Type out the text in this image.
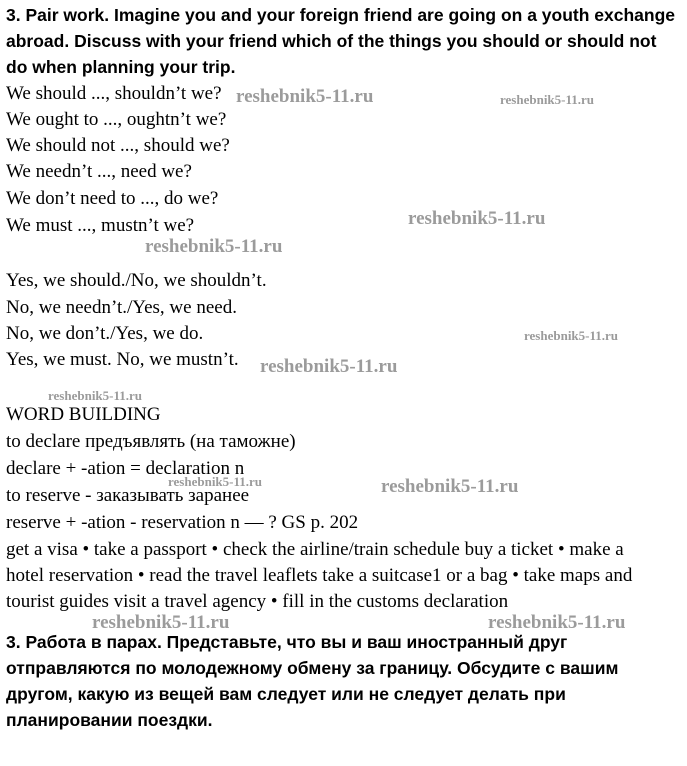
3. Pair work. Imagine you and your foreign friend are going on a youth exchange abroad. Discuss with your friend which of the things you should or should not do when planning your trip.

We should ..., shouldn’t we?
We ought to ..., oughtn’t we?
We should not ..., should we?
We needn’t ..., need we?
We don’t need to ..., do we?
We must ..., mustn’t we?
Yes, we should./No, we shouldn’t.
No, we needn’t./Yes, we need.
No, we don’t./Yes, we do.
Yes, we must. No, we mustn’t.
WORD BUILDING
to declare предъявлять (на таможне)
declare + -ation = declaration n
to reserve - заказывать заранее
reserve + -ation - reservation n — ? GS p. 202
get a visa • take a passport • check the airline/train schedule buy a ticket • make a
hotel reservation • read the travel leaflets take a suitcase1 or a bag • take maps and
tourist guides visit a travel agency • fill in the customs declaration

3. Работа в парах. Представьте, что вы и ваш иностранный друг отправляются по молодежному обмену за границу. Обсудите с вашим другом, какую из вещей вам следует или не следует делать при планировании поездки.

reshebnik5-11.ru	reshebnik5-11.ru
reshebnik5-11.ru
reshebnik5-11.ru
reshebnik5-11.ru
reshebnik5-11.ru
reshebnik5-11.ru
reshebnik5-11.ru	reshebnik5-11.ru
reshebnik5-11.ru	reshebnik5-11.ru
